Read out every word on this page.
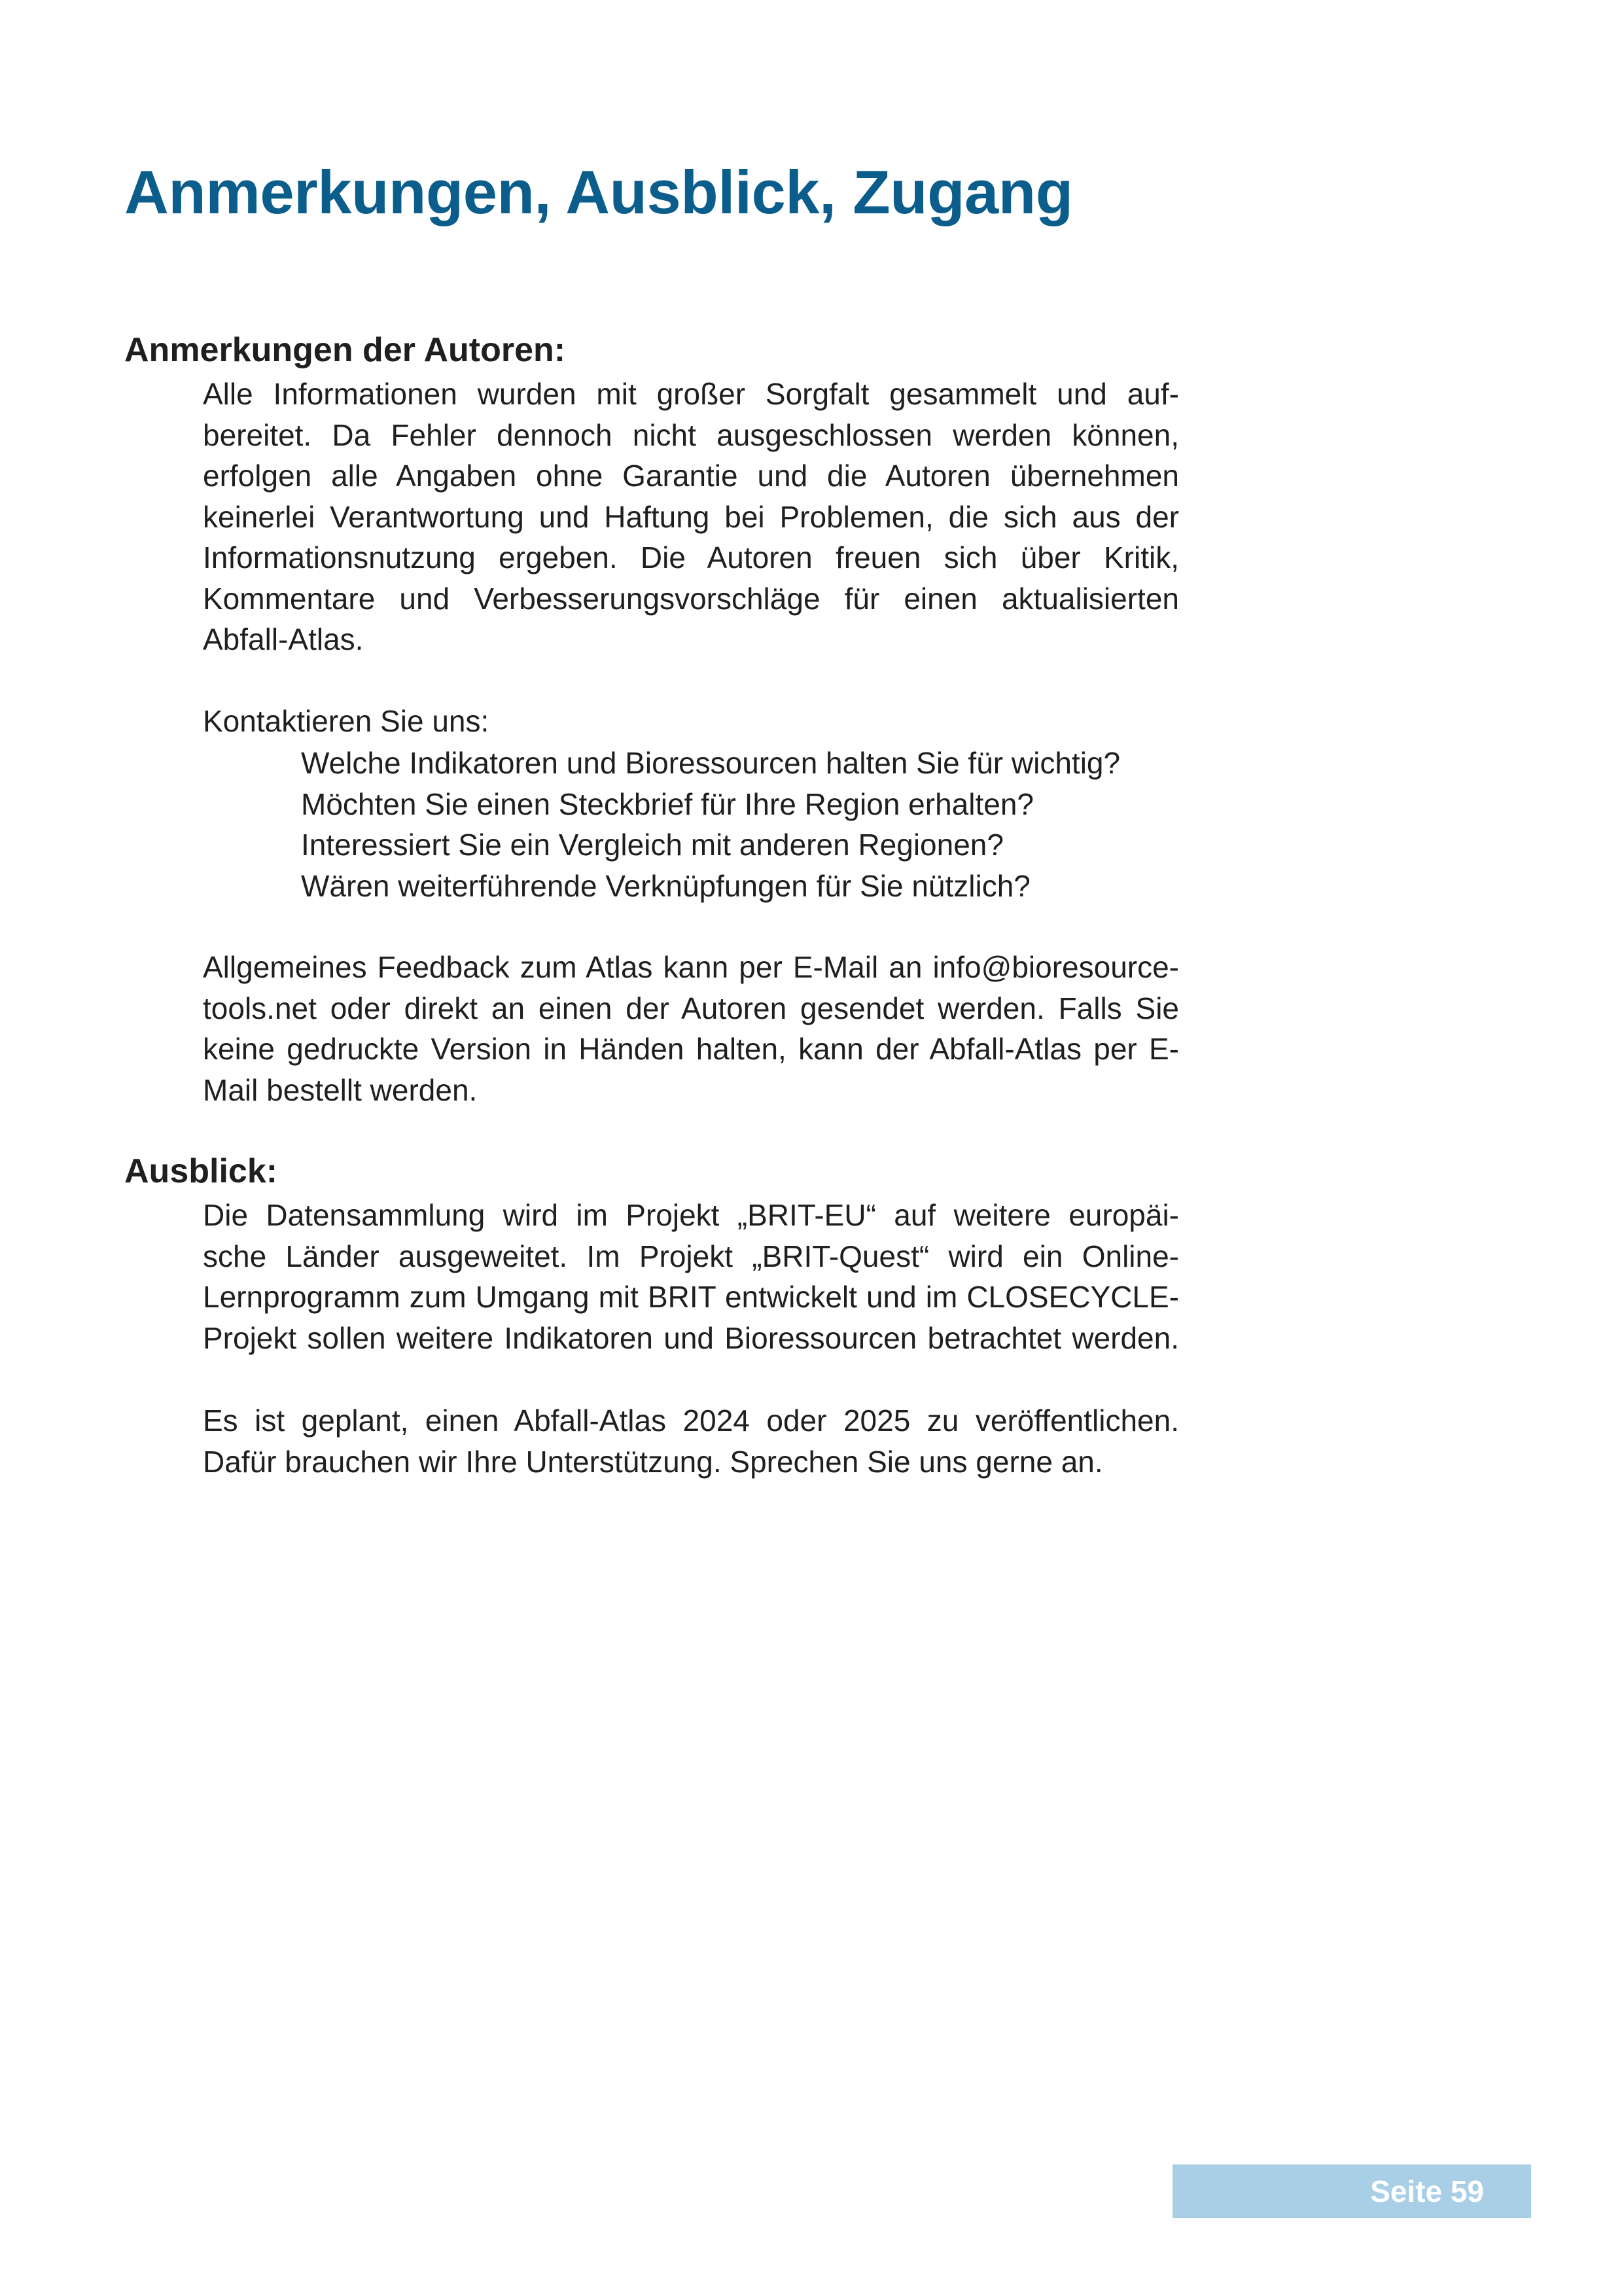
Anmerkungen, Ausblick, Zugang
Anmerkungen der Autoren:

Alle Informationen wurden mit großer Sorgfalt gesammelt und auf-
bereitet. Da Fehler dennoch nicht ausgeschlossen werden können,
erfolgen alle Angaben ohne Garantie und die Autoren übernehmen
keinerlei Verantwortung und Haftung bei Problemen, die sich aus der
Informationsnutzung ergeben. Die Autoren freuen sich über Kritik,
Kommentare und Verbesserungsvorschläge für einen aktualisierten
Abfall-Atlas.

Kontaktieren Sie uns:

Welche Indikatoren und Bioressourcen halten Sie für wichtig?
Möchten Sie einen Steckbrief für Ihre Region erhalten?
Interessiert Sie ein Vergleich mit anderen Regionen?
Wären weiterführende Verknüpfungen für Sie nützlich?

Allgemeines Feedback zum Atlas kann per E-Mail an info@bioresource-
tools.net oder direkt an einen der Autoren gesendet werden. Falls Sie
keine gedruckte Version in Händen halten, kann der Abfall-Atlas per E-
Mail bestellt werden.

Ausblick:

Die Datensammlung wird im Projekt „BRIT-EU“ auf weitere europäi-
sche Länder ausgeweitet. Im Projekt „BRIT-Quest“ wird ein Online-
Lernprogramm zum Umgang mit BRIT entwickelt und im CLOSECYCLE-
Projekt sollen weitere Indikatoren und Bioressourcen betrachtet werden.

Es ist geplant, einen Abfall-Atlas 2024 oder 2025 zu veröffentlichen.
Dafür brauchen wir Ihre Unterstützung. Sprechen Sie uns gerne an.

Seite 59
